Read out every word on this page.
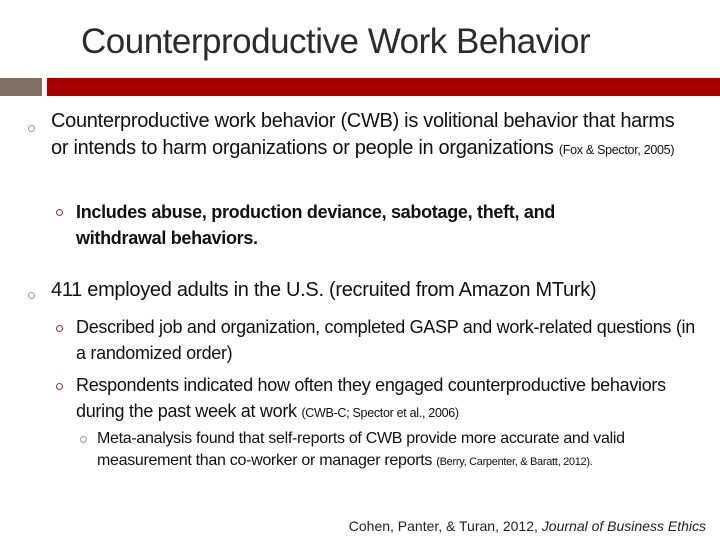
Counterproductive Work Behavior
Counterproductive work behavior (CWB) is volitional behavior that harms or intends to harm organizations or people in organizations (Fox & Spector, 2005)
Includes abuse, production deviance, sabotage, theft, and withdrawal behaviors.
411 employed adults in the U.S. (recruited from Amazon MTurk)
Described job and organization, completed GASP and work-related questions (in a randomized order)
Respondents indicated how often they engaged counterproductive behaviors during the past week at work (CWB-C; Spector et al., 2006)
Meta-analysis found that self-reports of CWB provide more accurate and valid measurement than co-worker or manager reports (Berry, Carpenter, & Baratt, 2012).
Cohen, Panter, & Turan, 2012, Journal of Business Ethics
